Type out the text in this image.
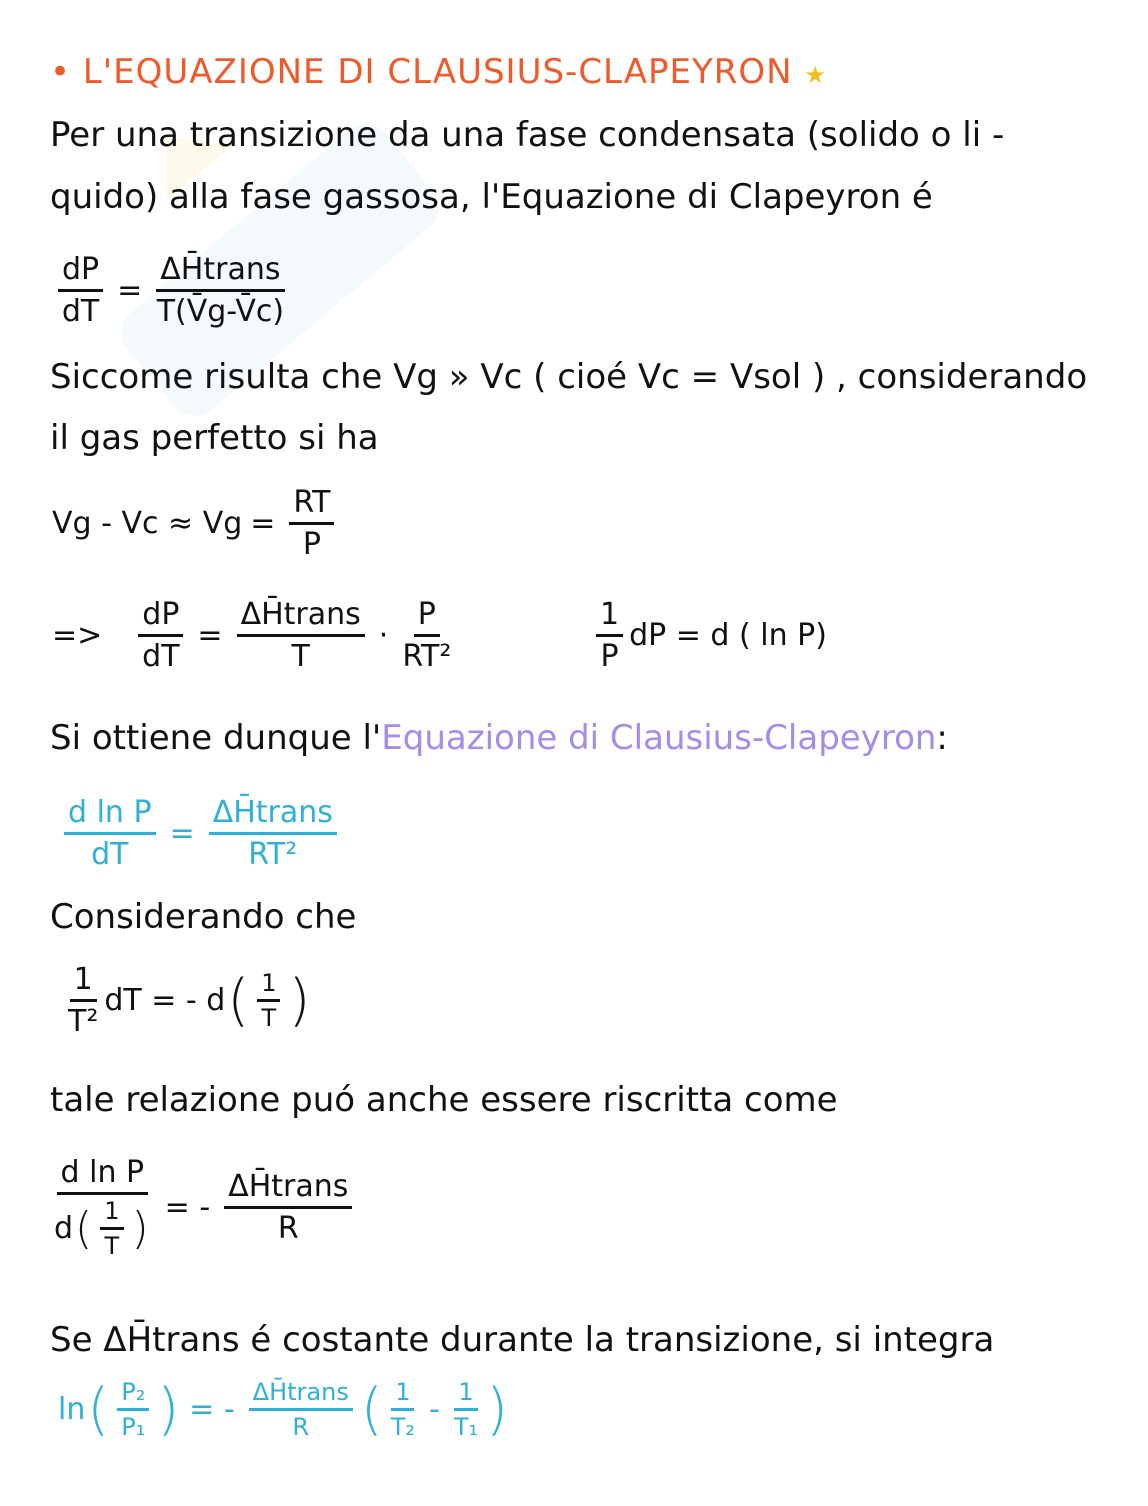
• L'EQUAZIONE DI CLAUSIUS-CLAPEYRON ★
Per una transizione da una fase condensata (solido o li -
quido) alla fase gassosa, l'Equazione di Clapeyron é
$\frac{dP}{dT} = \frac{\text{ΔH̄trans}}{T(V̄g-V̄c)}$
Siccome risulta che Vg » Vc ( cioé Vc = Vsol ) , considerando
il gas perfetto si ha
$Vg - Vc \approx Vg = \frac{RT}{P}$
=> $\frac{dP}{dT} = \frac{\text{ΔH̄trans}}{T} \cdot \frac{P}{\text{RT²}}$	$\frac{1}{P}$ dP = d ( ln P)
Si ottiene dunque l'Equazione di Clausius-Clapeyron:
$\frac{\text{d ln P}}{dT} = \frac{\text{ΔH̄trans}}{\text{RT²}}$
Considerando che
$\frac{1}{\text{T²}}$ dT = - d ( $\frac{1}{T}$ )
tale relazione puó anche essere riscritta come
$\frac{\text{d ln P}}{d ( \frac{1}{T} )}$ = - $\frac{\text{ΔH̄trans}}{R}$
Se ΔH̄trans é costante durante la transizione, si integra
ln ( $\frac{\text{P₂}}{\text{P₁}}$ ) = - $\frac{\text{ΔH̄trans}}{R}$ ( $\frac{1}{\text{T₂}} - \frac{1}{\text{T₁}}$ )
